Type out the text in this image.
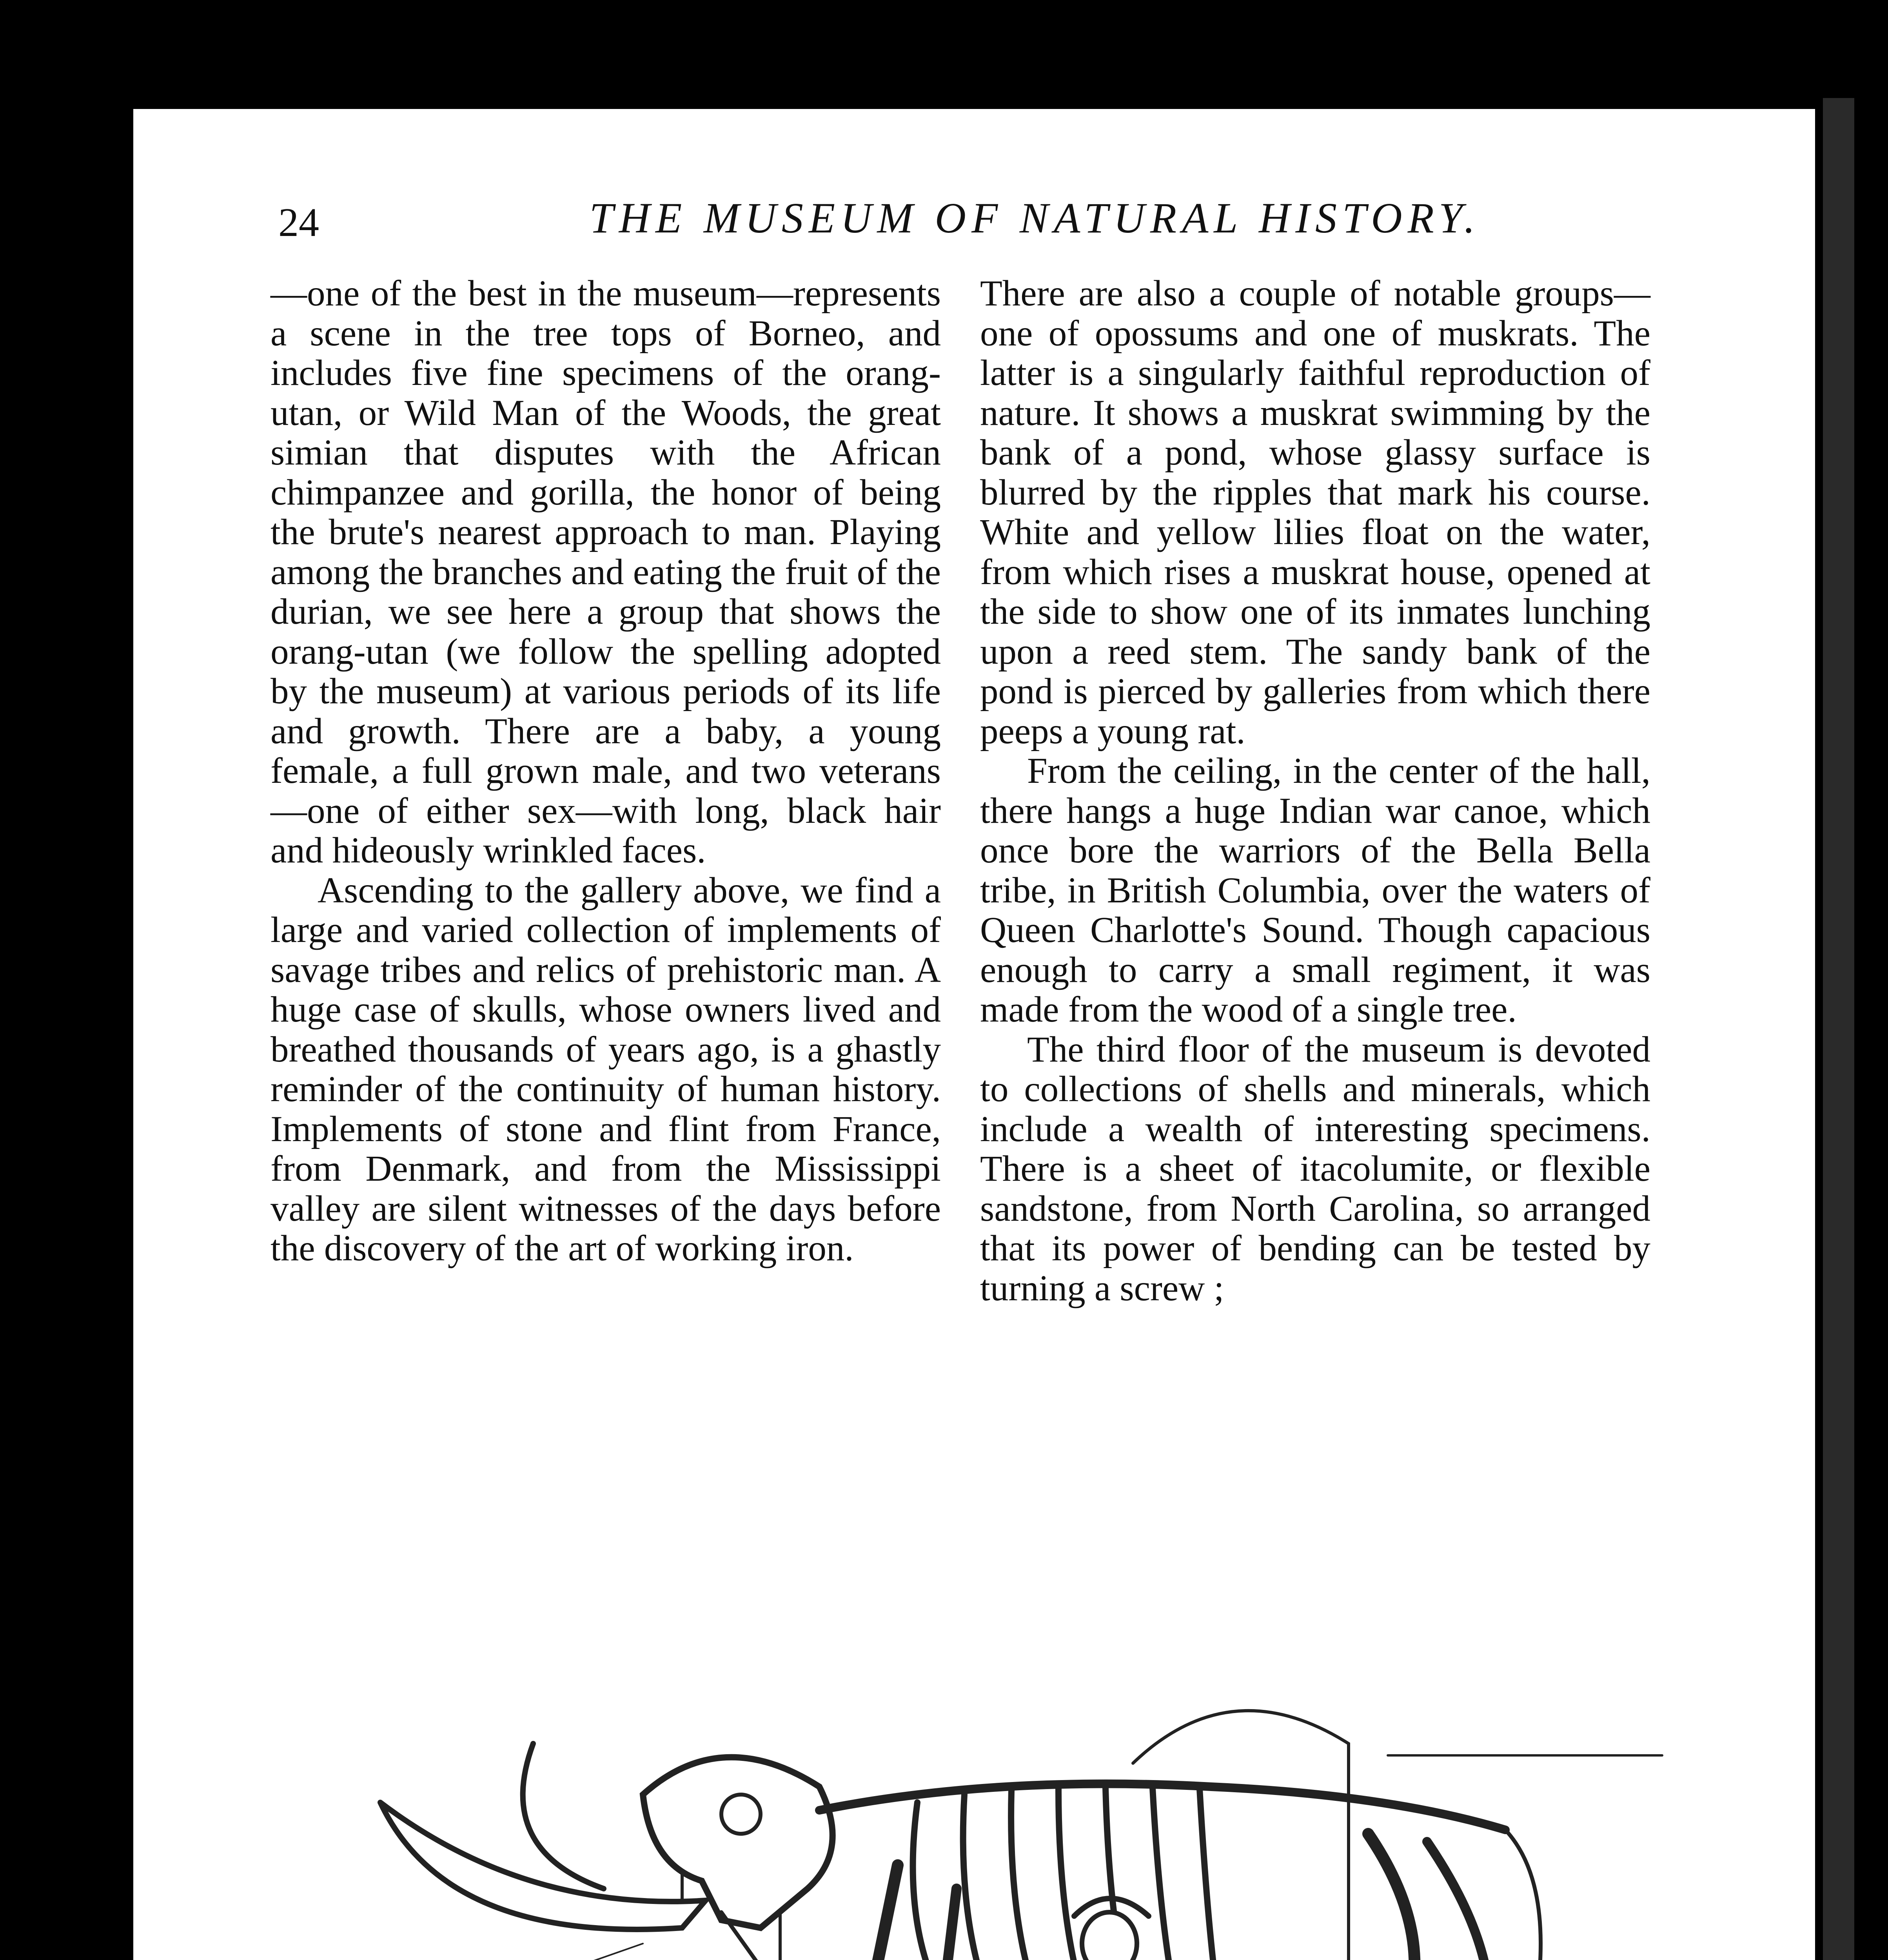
24	THE MUSEUM OF NATURAL HISTORY.

—one of the best in the museum—represents a scene in the tree tops of Borneo, and includes five fine specimens of the orang-utan, or Wild Man of the Woods, the great simian that disputes with the African chimpanzee and gorilla, the honor of being the brute's nearest approach to man. Playing among the branches and eating the fruit of the durian, we see here a group that shows the orang-utan (we follow the spelling adopted by the museum) at various periods of its life and growth. There are a baby, a young female, a full grown male, and two veterans—one of either sex—with long, black hair and hideously wrinkled faces.

Ascending to the gallery above, we find a large and varied collection of implements of savage tribes and relics of prehistoric man. A huge case of skulls, whose owners lived and breathed thousands of years ago, is a ghastly reminder of the continuity of human history. Implements of stone and flint from France, from Denmark, and from the Mississippi valley are silent witnesses of the days before the discovery of the art of working iron.

There are also a couple of notable groups—one of opossums and one of muskrats. The latter is a singularly faithful reproduction of nature. It shows a muskrat swimming by the bank of a pond, whose glassy surface is blurred by the ripples that mark his course. White and yellow lilies float on the water, from which rises a muskrat house, opened at the side to show one of its inmates lunching upon a reed stem. The sandy bank of the pond is pierced by galleries from which there peeps a young rat.

From the ceiling, in the center of the hall, there hangs a huge Indian war canoe, which once bore the warriors of the Bella Bella tribe, in British Columbia, over the waters of Queen Charlotte's Sound. Though capacious enough to carry a small regiment, it was made from the wood of a single tree.

The third floor of the museum is devoted to collections of shells and minerals, which include a wealth of interesting specimens. There is a sheet of itacolumite, or flexible sandstone, from North Carolina, so arranged that its power of bending can be tested by turning a screw ;
